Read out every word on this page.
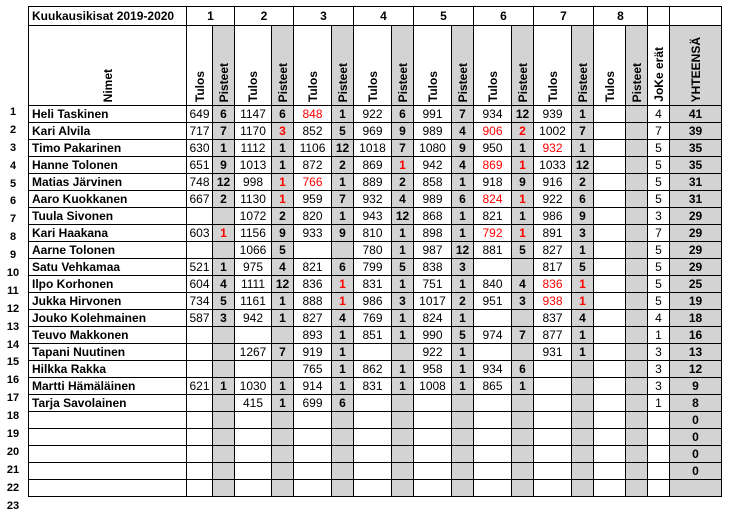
1
2
3
4
5
6
7
8
9
10
11
12
13
14
15
16
17
18
19
20
21
22
23
Kuukausikisat 2019-2020	1		2		3		4		5		6		7		8			
Nimet	Tulos	Pisteet	Tulos	Pisteet	Tulos	Pisteet	Tulos	Pisteet	Tulos	Pisteet	Tulos	Pisteet	Tulos	Pisteet	Tulos	Pisteet	JoKe erät	YHTEENSÄ
Heli Taskinen	649	6	1147	6	848	1	922	6	991	7	934	12	939	1			4	41
Kari Alvila	717	7	1170	3	852	5	969	9	989	4	906	2	1002	7			7	39
Timo Pakarinen	630	1	1112	1	1106	12	1018	7	1080	9	950	1	932	1			5	35
Hanne Tolonen	651	9	1013	1	872	2	869	1	942	4	869	1	1033	12			5	35
Matias Järvinen	748	12	998	1	766	1	889	2	858	1	918	9	916	2			5	31
Aaro Kuokkanen	667	2	1130	1	959	7	932	4	989	6	824	1	922	6			5	31
Tuula Sivonen			1072	2	820	1	943	12	868	1	821	1	986	9			3	29
Kari Haakana	603	1	1156	9	933	9	810	1	898	1	792	1	891	3			7	29
Aarne Tolonen			1066	5			780	1	987	12	881	5	827	1			5	29
Satu Vehkamaa	521	1	975	4	821	6	799	5	838	3			817	5			5	29
Ilpo Korhonen	604	4	1111	12	836	1	831	1	751	1	840	4	836	1			5	25
Jukka Hirvonen	734	5	1161	1	888	1	986	3	1017	2	951	3	938	1			5	19
Jouko Kolehmainen	587	3	942	1	827	4	769	1	824	1			837	4			4	18
Teuvo Makkonen					893	1	851	1	990	5	974	7	877	1			1	16
Tapani Nuutinen			1267	7	919	1			922	1			931	1			3	13
Hilkka Rakka					765	1	862	1	958	1	934	6					3	12
Martti Hämäläinen	621	1	1030	1	914	1	831	1	1008	1	865	1					3	9
Tarja Savolainen			415	1	699	6											1	8
																		0
																		0
																		0
																		0
